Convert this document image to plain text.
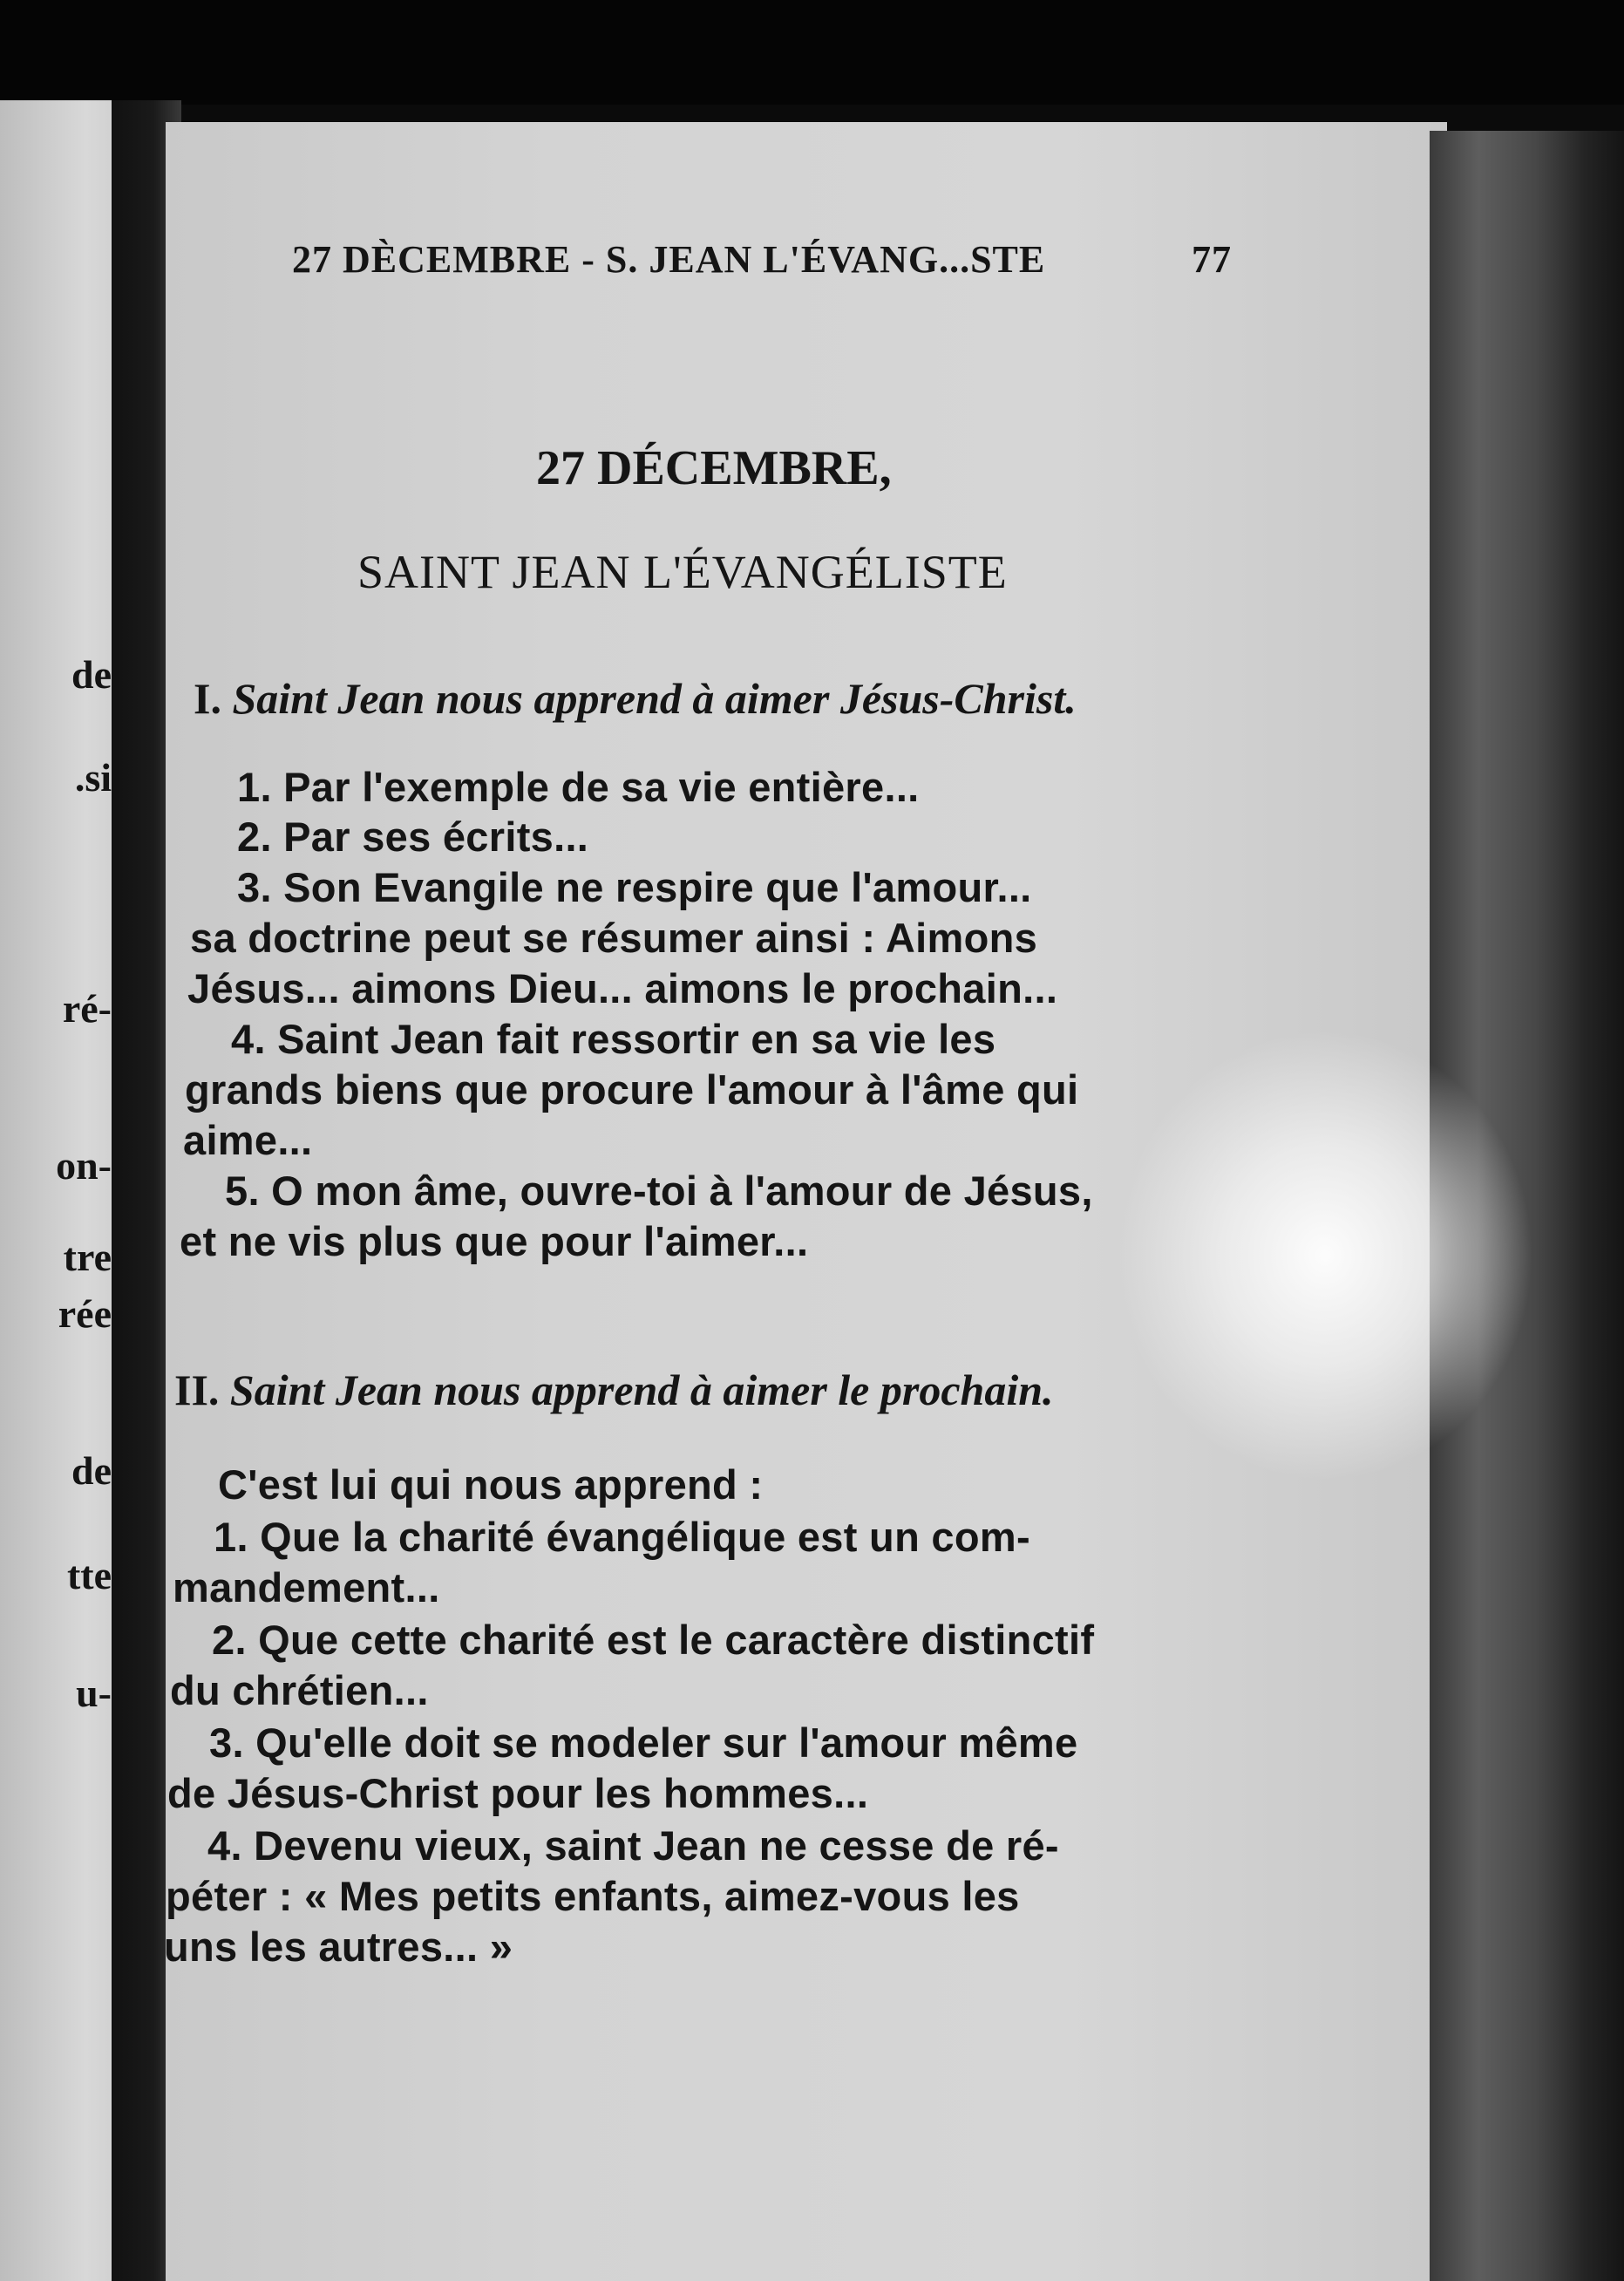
de
.si
ré-
on-
tre
rée
de
tte
u-
27 DÈCEMBRE - S. JEAN L'ÉVANG...STE	77
27 DÉCEMBRE,
SAINT JEAN L'ÉVANGÉLISTE
I. Saint Jean nous apprend à aimer Jésus-Christ.
1. Par l'exemple de sa vie entière...
2. Par ses écrits...
3. Son Evangile ne respire que l'amour...
sa doctrine peut se résumer ainsi : Aimons
Jésus... aimons Dieu... aimons le prochain...
4. Saint Jean fait ressortir en sa vie les
grands biens que procure l'amour à l'âme qui
aime...
5. O mon âme, ouvre-toi à l'amour de Jésus,
et ne vis plus que pour l'aimer...
II. Saint Jean nous apprend à aimer le prochain.
C'est lui qui nous apprend :
1. Que la charité évangélique est un com-
mandement...
2. Que cette charité est le caractère distinctif
du chrétien...
3. Qu'elle doit se modeler sur l'amour même
de Jésus-Christ pour les hommes...
4. Devenu vieux, saint Jean ne cesse de ré-
péter : « Mes petits enfants, aimez-vous les
uns les autres... »
